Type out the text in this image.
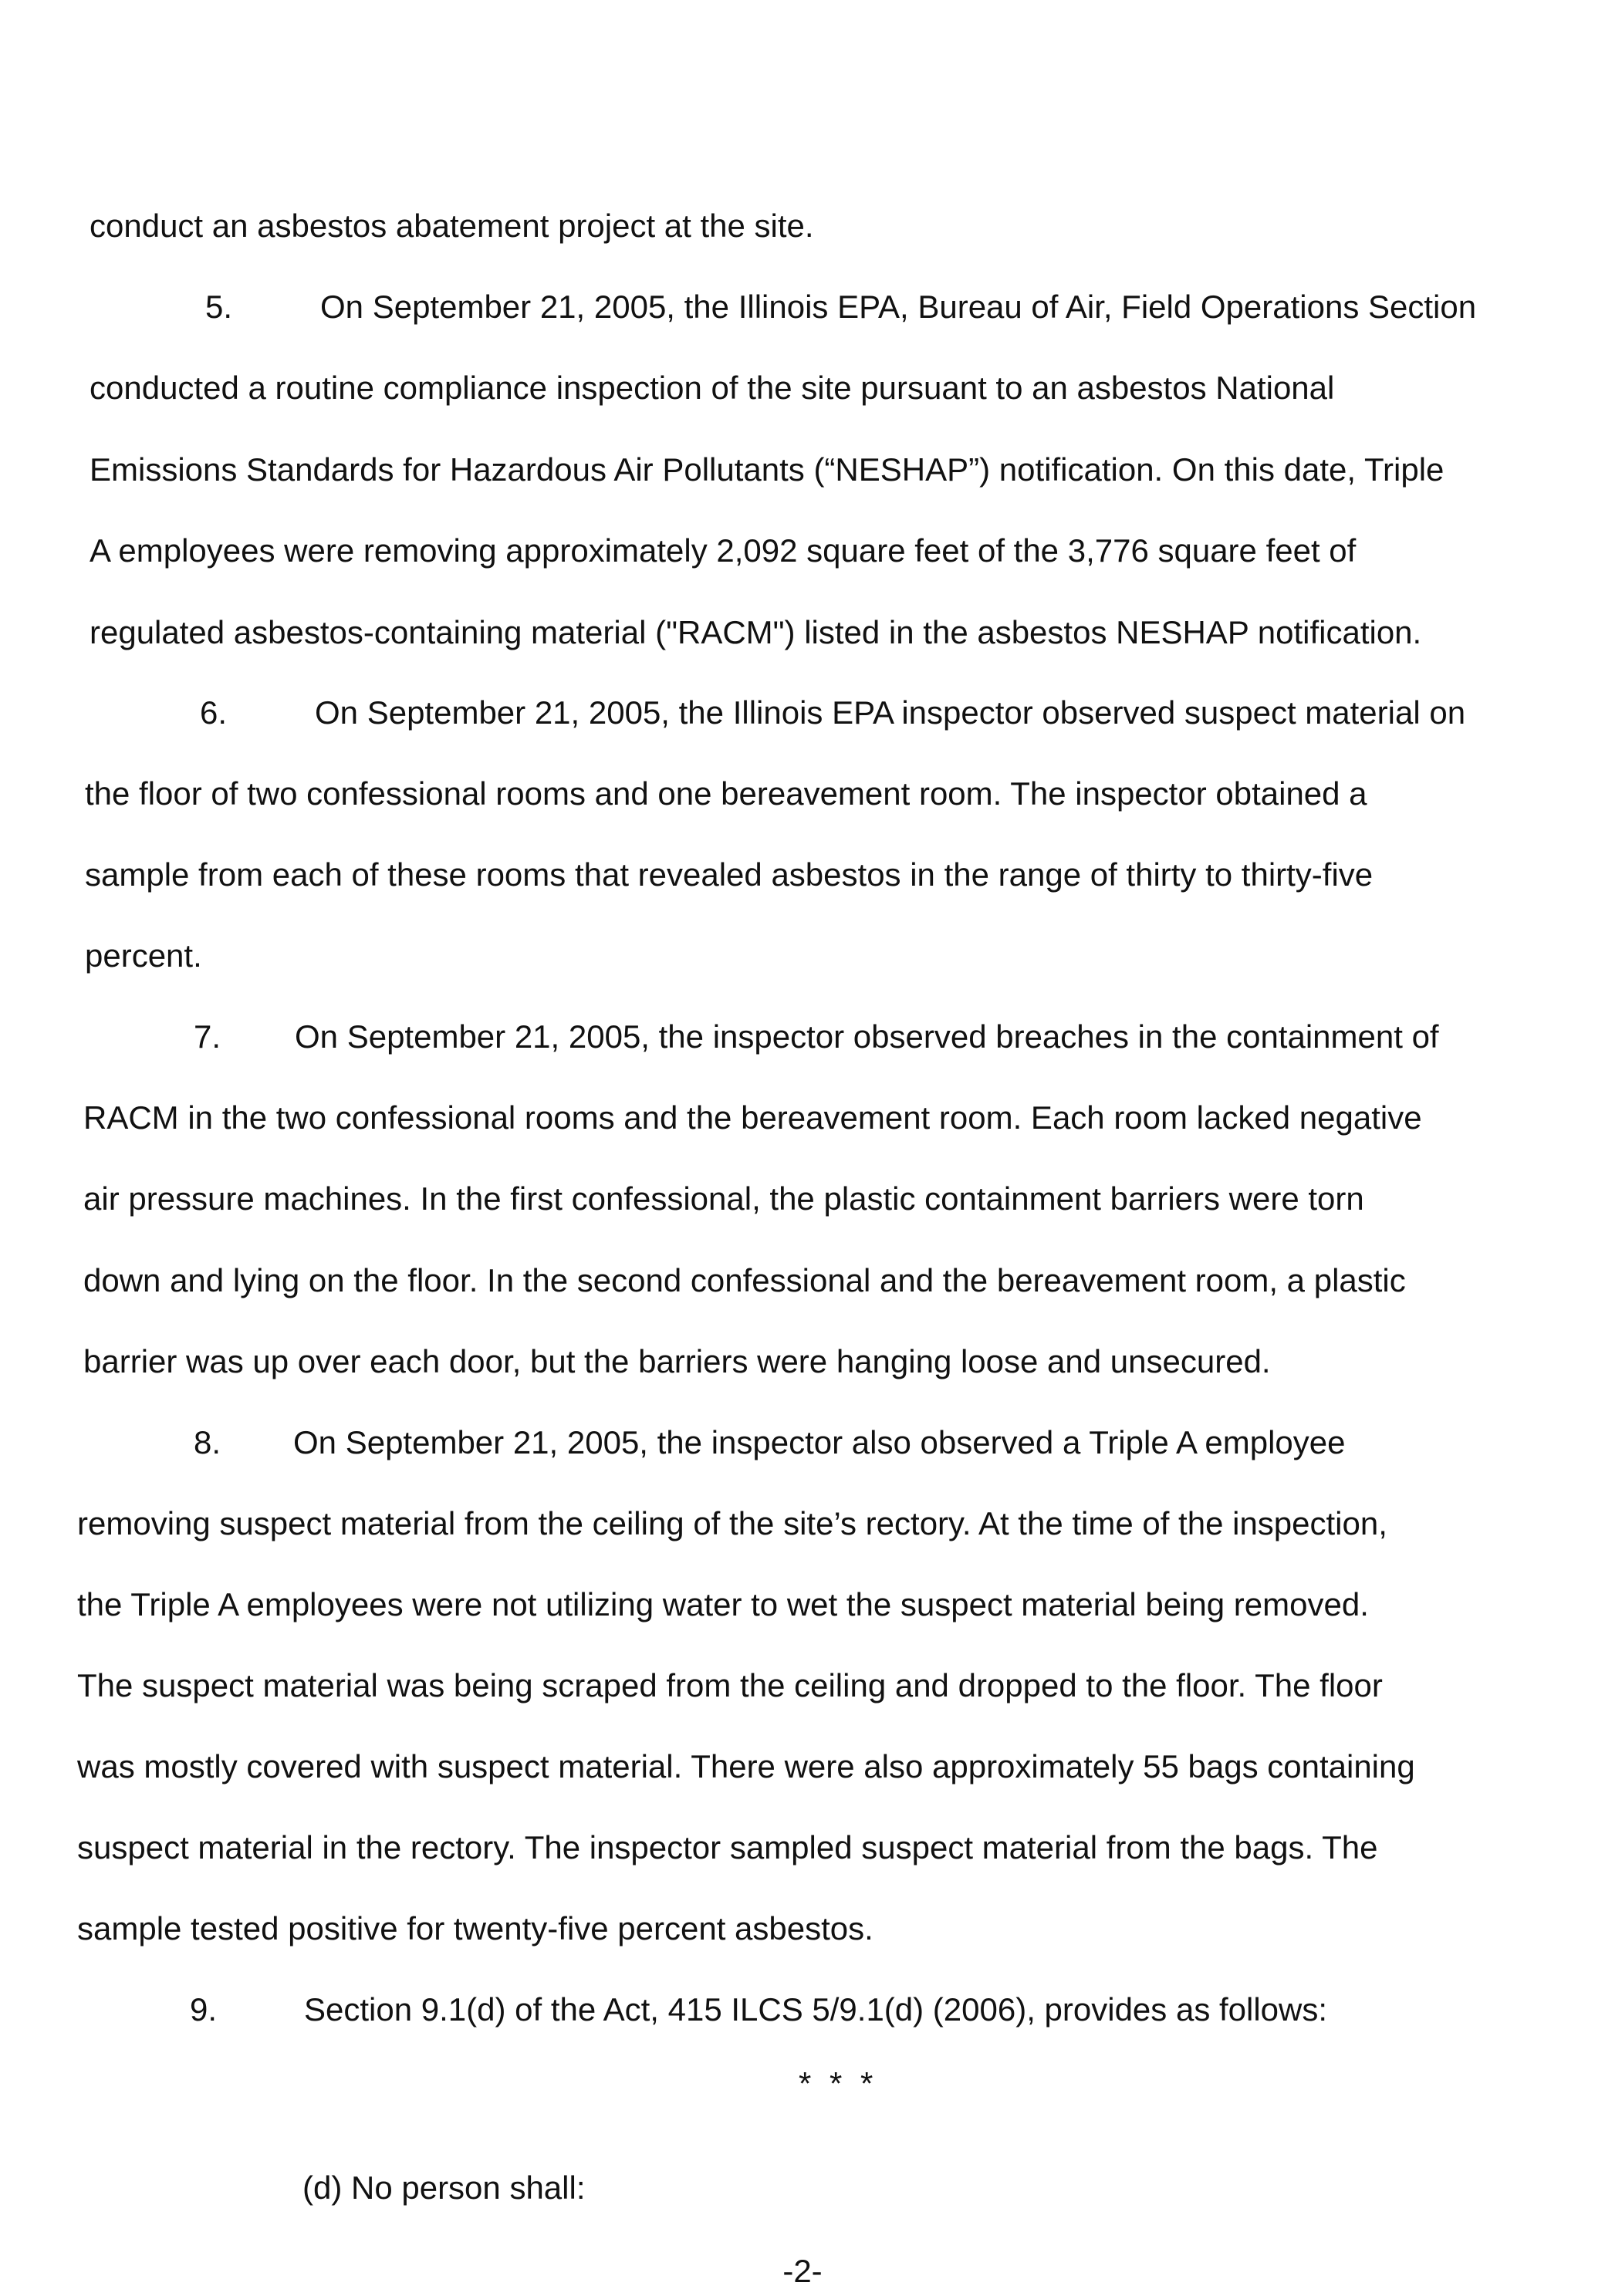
conduct an asbestos abatement project at the site.
5.	On September 21, 2005, the Illinois EPA, Bureau of Air, Field Operations Section
conducted a routine compliance inspection of the site pursuant to an asbestos National
Emissions Standards for Hazardous Air Pollutants (“NESHAP”) notification. On this date, Triple
A employees were removing approximately 2,092 square feet of the 3,776 square feet of
regulated asbestos-containing material ("RACM") listed in the asbestos NESHAP notification.
6.	On September 21, 2005, the Illinois EPA inspector observed suspect material on
the floor of two confessional rooms and one bereavement room. The inspector obtained a
sample from each of these rooms that revealed asbestos in the range of thirty to thirty-five
percent.
7. On September 21, 2005, the inspector observed breaches in the containment of
RACM in the two confessional rooms and the bereavement room. Each room lacked negative
air pressure machines. In the first confessional, the plastic containment barriers were torn
down and lying on the floor. In the second confessional and the bereavement room, a plastic
barrier was up over each door, but the barriers were hanging loose and unsecured.
8. On September 21, 2005, the inspector also observed a Triple A employee
removing suspect material from the ceiling of the site’s rectory. At the time of the inspection,
the Triple A employees were not utilizing water to wet the suspect material being removed.
The suspect material was being scraped from the ceiling and dropped to the floor. The floor
was mostly covered with suspect material. There were also approximately 55 bags containing
suspect material in the rectory. The inspector sampled suspect material from the bags. The
sample tested positive for twenty-five percent asbestos.
9.	Section 9.1(d) of the Act, 415 ILCS 5/9.1(d) (2006), provides as follows:
* * *
(d) No person shall:
-2-
